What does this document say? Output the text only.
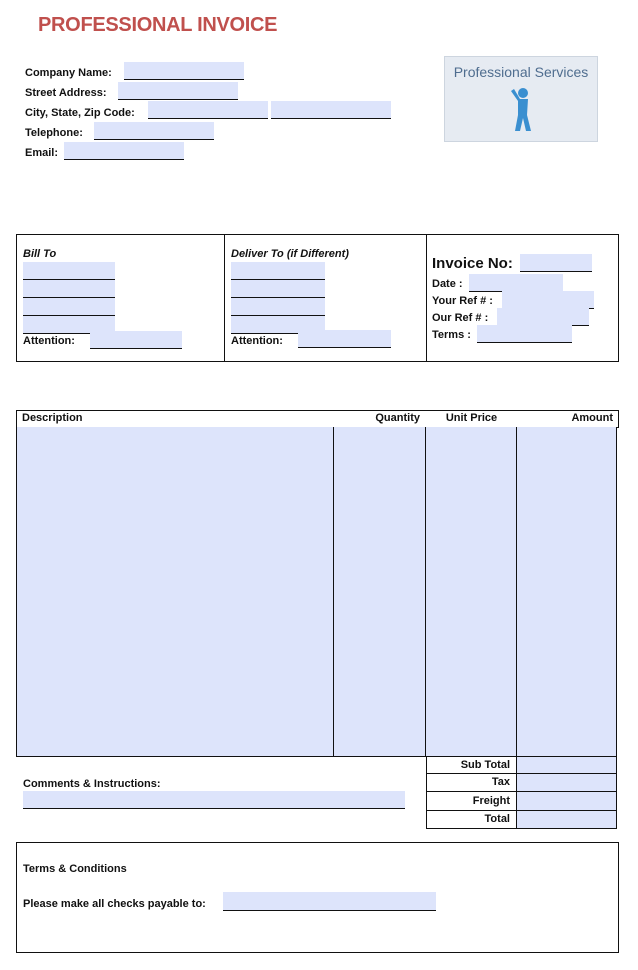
PROFESSIONAL INVOICE
Company Name:
Street Address:
City, State, Zip Code:
Telephone:
Email:
Professional Services
Bill To
Attention:
Deliver To (if Different)
Attention:
Invoice No:
Date :
Your Ref # :
Our Ref # :
Terms :
Description	Quantity	Unit Price	Amount
Sub Total
Tax
Freight
Total
Comments & Instructions:
Terms & Conditions
Please make all checks payable to:
